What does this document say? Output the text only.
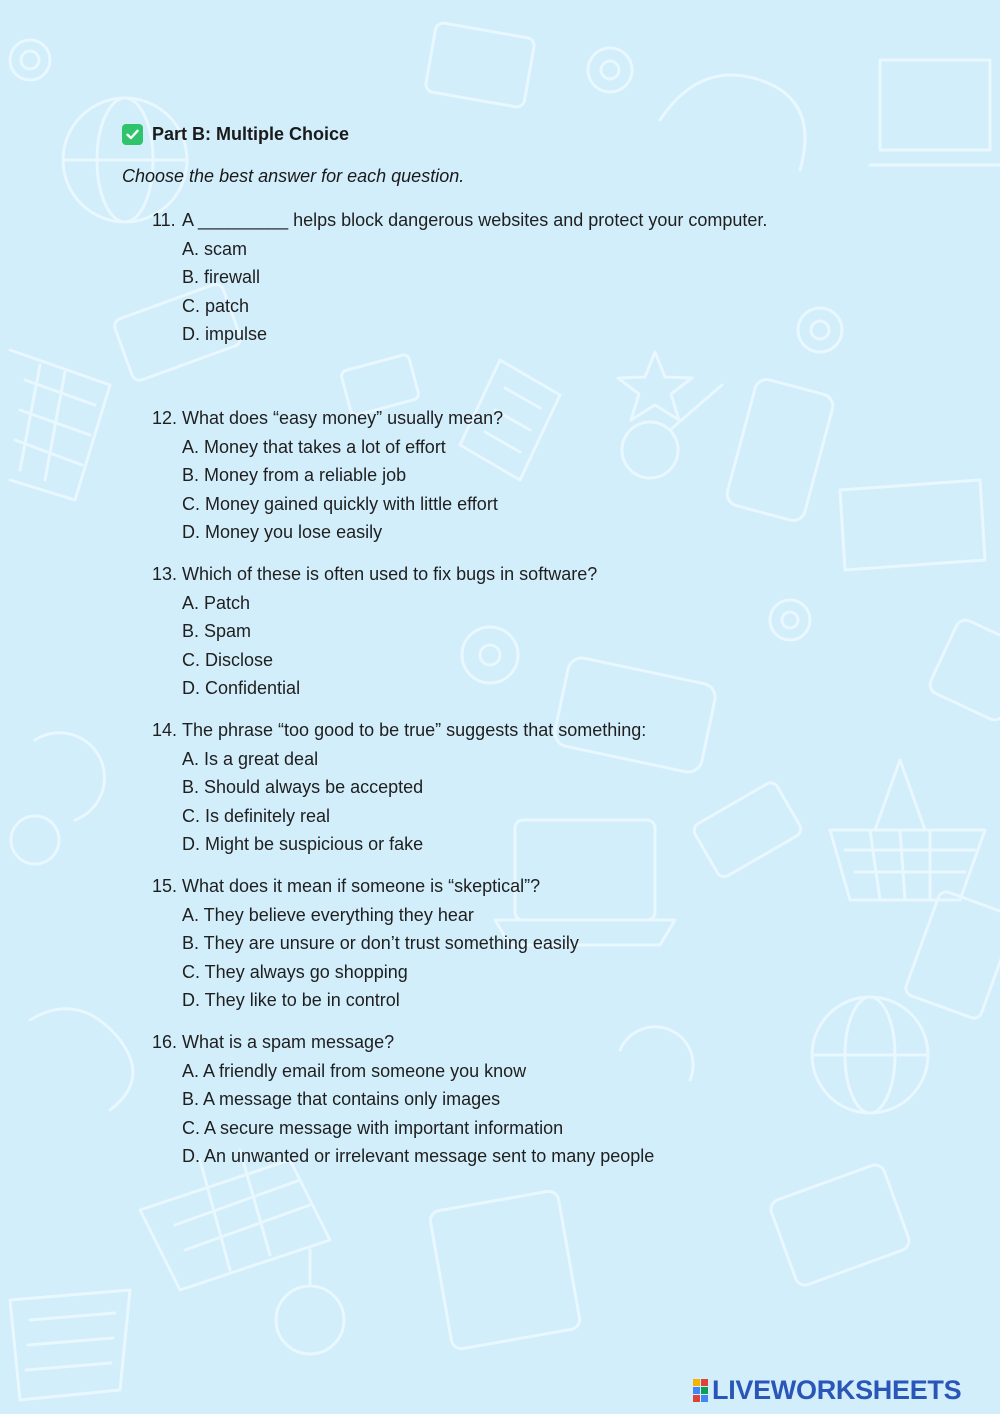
Part B: Multiple Choice
Choose the best answer for each question.

11. A _________ helps block dangerous websites and protect your computer.

A. scam
B. firewall
C. patch
D. impulse

12. What does “easy money” usually mean?

A. Money that takes a lot of effort
B. Money from a reliable job
C. Money gained quickly with little effort
D. Money you lose easily

13. Which of these is often used to fix bugs in software?

A. Patch
B. Spam
C. Disclose
D. Confidential

14. The phrase “too good to be true” suggests that something:

A. Is a great deal
B. Should always be accepted
C. Is definitely real
D. Might be suspicious or fake

15. What does it mean if someone is “skeptical”?

A. They believe everything they hear
B. They are unsure or don’t trust something easily
C. They always go shopping
D. They like to be in control

16. What is a spam message?

A. A friendly email from someone you know
B. A message that contains only images
C. A secure message with important information
D. An unwanted or irrelevant message sent to many people
LIVEWORKSHEETS
